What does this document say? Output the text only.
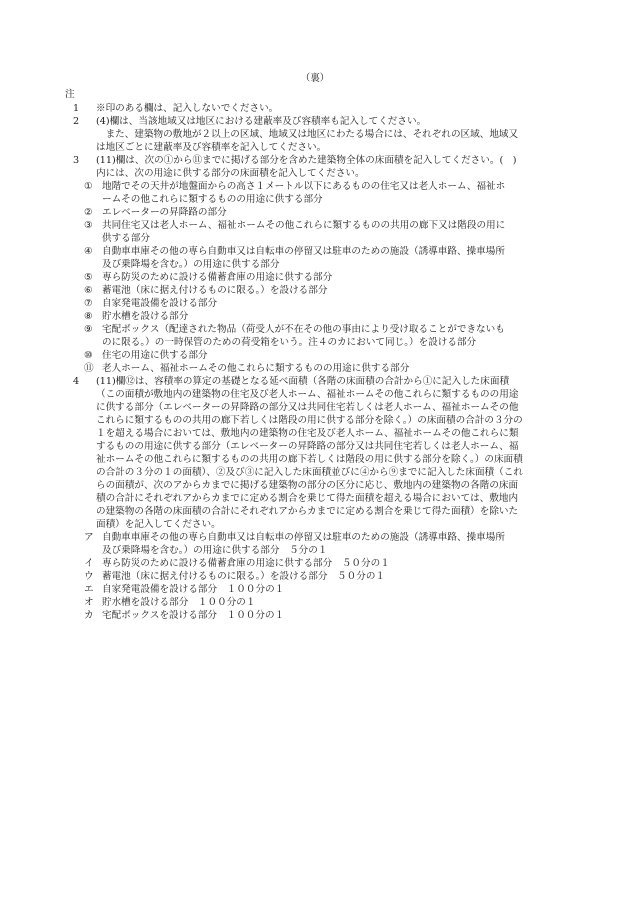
（裏）
注
1 ※印のある欄は、記入しないでください。
2 (4)欄は、当該地域又は地区における建蔽率及び容積率も記入してください。
　また、建築物の敷地が２以上の区域、地域又は地区にわたる場合には、それぞれの区域、地域又
は地区ごとに建蔽率及び容積率を記入してください。
3 (11)欄は、次の①から⑪までに掲げる部分を含めた建築物全体の床面積を記入してください。(　)
内には、次の用途に供する部分の床面積を記入してください。
① 地階でその天井が地盤面からの高さ１メートル以下にあるものの住宅又は老人ホーム、福祉ホ
ームその他これらに類するものの用途に供する部分
② エレベーターの昇降路の部分
③ 共同住宅又は老人ホーム、福祉ホームその他これらに類するものの共用の廊下又は階段の用に
供する部分
④ 自動車車庫その他の専ら自動車又は自転車の停留又は駐車のための施設（誘導車路、操車場所
及び乗降場を含む。）の用途に供する部分
⑤ 専ら防災のために設ける備蓄倉庫の用途に供する部分
⑥ 蓄電池（床に据え付けるものに限る。）を設ける部分
⑦ 自家発電設備を設ける部分
⑧ 貯水槽を設ける部分
⑨ 宅配ボックス（配達された物品（荷受人が不在その他の事由により受け取ることができないも
のに限る。）の一時保管のための荷受箱をいう。注４のカにおいて同じ。）を設ける部分
⑩ 住宅の用途に供する部分
⑪ 老人ホーム、福祉ホームその他これらに類するものの用途に供する部分
4 (11)欄⑫は、容積率の算定の基礎となる延べ面積（各階の床面積の合計から①に記入した床面積
（この面積が敷地内の建築物の住宅及び老人ホーム、福祉ホームその他これらに類するものの用途
に供する部分（エレベーターの昇降路の部分又は共同住宅若しくは老人ホーム、福祉ホームその他
これらに類するものの共用の廊下若しくは階段の用に供する部分を除く。）の床面積の合計の３分の
１を超える場合においては、敷地内の建築物の住宅及び老人ホーム、福祉ホームその他これらに類
するものの用途に供する部分（エレベーターの昇降路の部分又は共同住宅若しくは老人ホーム、福
祉ホームその他これらに類するものの共用の廊下若しくは階段の用に供する部分を除く。）の床面積
の合計の３分の１の面積）、②及び③に記入した床面積並びに④から⑨までに記入した床面積（これ
らの面積が、次のアからカまでに掲げる建築物の部分の区分に応じ、敷地内の建築物の各階の床面
積の合計にそれぞれアからカまでに定める割合を乗じて得た面積を超える場合においては、敷地内
の建築物の各階の床面積の合計にそれぞれアからカまでに定める割合を乗じて得た面積）を除いた
面積）を記入してください。
ア 自動車車庫その他の専ら自動車又は自転車の停留又は駐車のための施設（誘導車路、操車場所
及び乗降場を含む。）の用途に供する部分　５分の１
イ 専ら防災のために設ける備蓄倉庫の用途に供する部分　５０分の１
ウ 蓄電池（床に据え付けるものに限る。）を設ける部分　５０分の１
エ 自家発電設備を設ける部分　１００分の１
オ 貯水槽を設ける部分　１００分の１
カ 宅配ボックスを設ける部分　１００分の１
